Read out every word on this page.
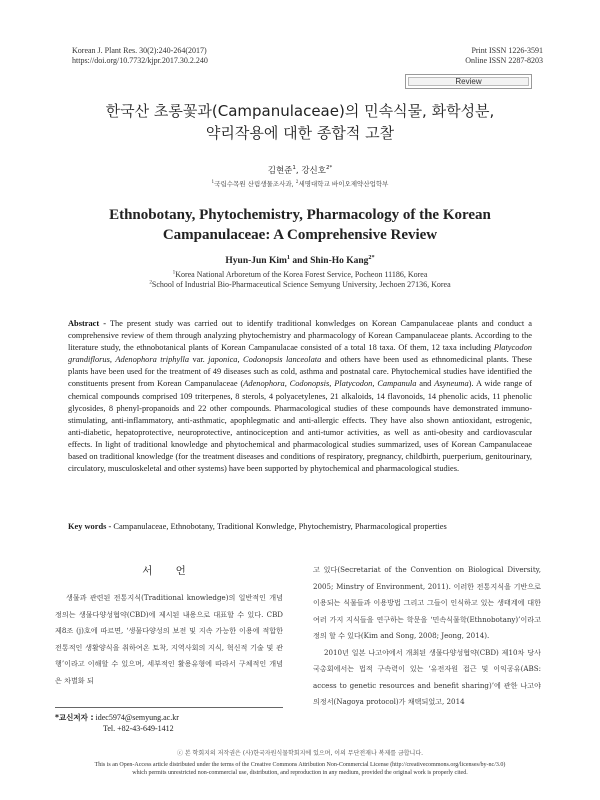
Korean J. Plant Res. 30(2):240-264(2017)
https://doi.org/10.7732/kjpr.2017.30.2.240
Print ISSN 1226-3591
Online ISSN 2287-8203
Review
한국산 초롱꽃과(Campanulaceae)의 민속식물, 화학성분,
약리작용에 대한 종합적 고찰
김현준$^1$, 강신호$^{2*}$
$^1$국립수목원 산림생물조사과, $^2$세명대학교 바이오제약산업학부
Ethnobotany, Phytochemistry, Pharmacology of the Korean
Campanulaceae: A Comprehensive Review
Hyun-Jun Kim$^1$ and Shin-Ho Kang$^{2*}$
$^1$Korea National Arboretum of the Korea Forest Service, Pocheon 11186, Korea
$^2$School of Industrial Bio-Pharmaceutical Science Semyung University, Jechoen 27136, Korea
Abstract - The present study was carried out to identify traditional konwledges on Korean Campanulaceae plants and conduct a comprehensive review of them through analyzing phytochemistry and pharmacology of Korean Campanulaceae plants. According to the literature study, the ethnobotanical plants of Korean Campanulacae consisted of a total 18 taxa. Of them, 12 taxa including Platycodon grandiflorus, Adenophora triphylla var. japonica, Codonopsis lanceolata and others have been used as ethnomedicinal plants. These plants have been used for the treatment of 49 diseases such as cold, asthma and postnatal care. Phytochemical studies have identified the constituents present from Korean Campanulaceae (Adenophora, Codonopsis, Platycodon, Campanula and Asyneuma). A wide range of chemical compounds comprised 109 triterpenes, 8 sterols, 4 polyacetylenes, 21 alkaloids, 14 flavonoids, 14 phenolic acids, 11 phenolic glycosides, 8 phenyl-propanoids and 22 other compounds. Pharmacological studies of these compounds have demonstrated immuno-stimulating, anti-inflammatory, anti-asthmatic, apophlegmatic and anti-allergic effects. They have also shown antioxidant, estrogenic, anti-diabetic, hepatoprotective, neuroprotective, antinociception and anti-tumor activities, as well as anti-obesity and cardiovascular effects. In light of traditional knowledge and phytochemical and pharmacological studies summarized, uses of Korean Campanulaceae based on traditional knowledge (for the treatment diseases and conditions of respiratory, pregnancy, childbirth, puerperium, genitourinary, circulatory, musculoskeletal and other systems) have been supported by phytochemical and pharmacological studies.
Key words - Campanulaceae, Ethnobotany, Traditional Konwledge, Phytochemistry, Pharmacological properties
서 언

생물과 관련된 전통지식(Traditional knowledge)의 일반적인 개념정의는 생물다양성협약(CBD)에 제시된 내용으로 대표할 수 있다. CBD 제8조 (j)호에 따르면, ‘생물다양성의 보전 및 지속 가능한 이용에 적합한 전통적인 생활양식을 취하여온 토착, 지역사회의 지식, 혁신적 기술 및 관행’이라고 이해할 수 있으며, 세부적인 활용유형에 따라서 구체적인 개념은 차별화 되

고 있다(Secretariat of the Convention on Biological Diversity, 2005; Minstry of Environment, 2011). 이러한 전통지식을 기반으로 이용되는 식물들과 이용방법 그리고 그들이 인식하고 있는 생태계에 대한 여러 가지 지식들을 연구하는 학문을 ‘민속식물학(Ethnobotany)’이라고 정의 할 수 있다(Kim and Song, 2008; Jeong, 2014).

2010년 일본 나고야에서 개최된 생물다양성협약(CBD) 제10차 당사국총회에서는 법적 구속력이 있는 ‘유전자원 접근 및 이익공유(ABS: access to genetic resources and benefit sharing)’에 관한 나고야의정서(Nagoya protocol)가 채택되었고, 2014

*교신저자 : idec5974@semyung.ac.kr
Tel. +82-43-649-1412
ⓒ 본 학회지의 저작권은 (사)한국자원식물학회지에 있으며, 이의 무단전재나 복제를 금합니다.
This is an Open-Access article distributed under the terms of the Creative Commons Attribution Non-Commercial License (http://creativecommons.org/licenses/by-nc/3.0)
which permits unrestricted non-commercial use, distribution, and reproduction in any medium, provided the original work is properly cited.
